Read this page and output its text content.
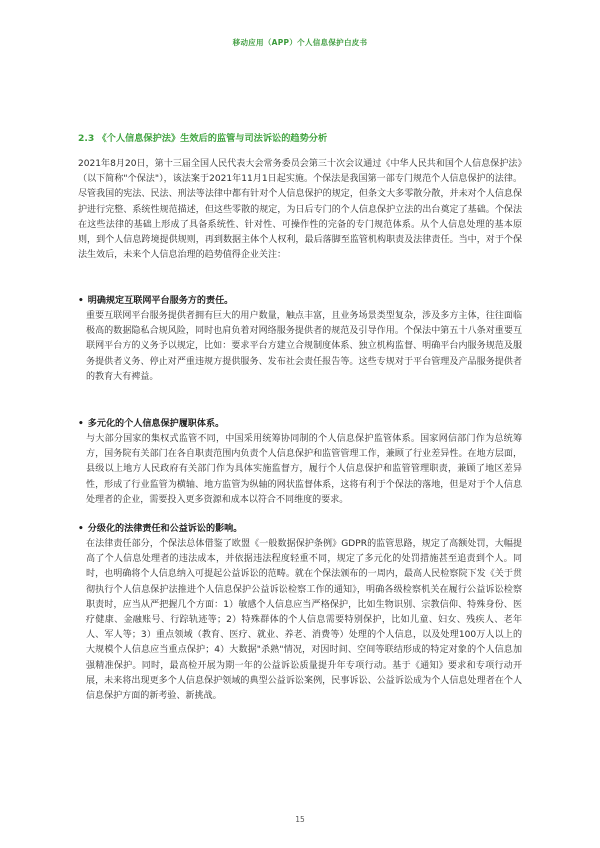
移动应用（APP）个人信息保护白皮书
2.3 《个人信息保护法》生效后的监管与司法诉讼的趋势分析
2021年8月20日，第十三届全国人民代表大会常务委员会第三十次会议通过《中华人民共和国个人信息保护法》（以下简称"个保法"），该法案于2021年11月1日起实施。个保法是我国第一部专门规范个人信息保护的法律。尽管我国的宪法、民法、刑法等法律中都有针对个人信息保护的规定，但条文大多零散分散，并未对个人信息保护进行完整、系统性规范描述，但这些零散的规定，为日后专门的个人信息保护立法的出台奠定了基础。个保法在这些法律的基础上形成了具备系统性、针对性、可操作性的完备的专门规范体系。从个人信息处理的基本原则，到个人信息跨境提供规则，再到数据主体个人权利，最后落脚至监管机构职责及法律责任。当中，对于个保法生效后，未来个人信息治理的趋势值得企业关注：
• 明确规定互联网平台服务方的责任。
重要互联网平台服务提供者拥有巨大的用户数量，触点丰富，且业务场景类型复杂，涉及多方主体，往往面临极高的数据隐私合规风险，同时也肩负着对网络服务提供者的规范及引导作用。个保法中第五十八条对重要互联网平台方的义务予以规定，比如：要求平台方建立合规制度体系、独立机构监督、明确平台内服务规范及服务提供者义务、停止对严重违规方提供服务、发布社会责任报告等。这些专规对于平台管理及产品服务提供者的教育大有裨益。
• 多元化的个人信息保护履职体系。
与大部分国家的集权式监管不同，中国采用统筹协同制的个人信息保护监管体系。国家网信部门作为总统筹方，国务院有关部门在各自职责范围内负责个人信息保护和监管管理工作，兼顾了行业差异性。在地方层面，县级以上地方人民政府有关部门作为具体实施监督方，履行个人信息保护和监管管理职责，兼顾了地区差异性，形成了行业监管为横轴、地方监管为纵轴的网状监督体系，这将有利于个保法的落地，但是对于个人信息处理者的企业，需要投入更多资源和成本以符合不同维度的要求。
• 分级化的法律责任和公益诉讼的影响。
在法律责任部分，个保法总体借鉴了欧盟《一般数据保护条例》GDPR的监管思路，规定了高额处罚，大幅提高了个人信息处理者的违法成本，并依据违法程度轻重不同，规定了多元化的处罚措施甚至追责到个人。同时，也明确将个人信息纳入可提起公益诉讼的范畴。就在个保法颁布的一周内，最高人民检察院下发《关于贯彻执行个人信息保护法推进个人信息保护公益诉讼检察工作的通知》，明确各级检察机关在履行公益诉讼检察职责时，应当从严把握几个方面：1）敏感个人信息应当严格保护，比如生物识别、宗教信仰、特殊身份、医疗健康、金融账号、行踪轨迹等；2）特殊群体的个人信息需要特别保护，比如儿童、妇女、残疾人、老年人、军人等；3）重点领域（教育、医疗、就业、养老、消费等）处理的个人信息，以及处理100万人以上的大规模个人信息应当重点保护；4）大数据"杀熟"情况，对因时间、空间等联结形成的特定对象的个人信息加强精准保护。同时，最高检开展为期一年的公益诉讼质量提升年专项行动。基于《通知》要求和专项行动开展，未来将出现更多个人信息保护领域的典型公益诉讼案例，民事诉讼、公益诉讼成为个人信息处理者在个人信息保护方面的新考验、新挑战。
15
